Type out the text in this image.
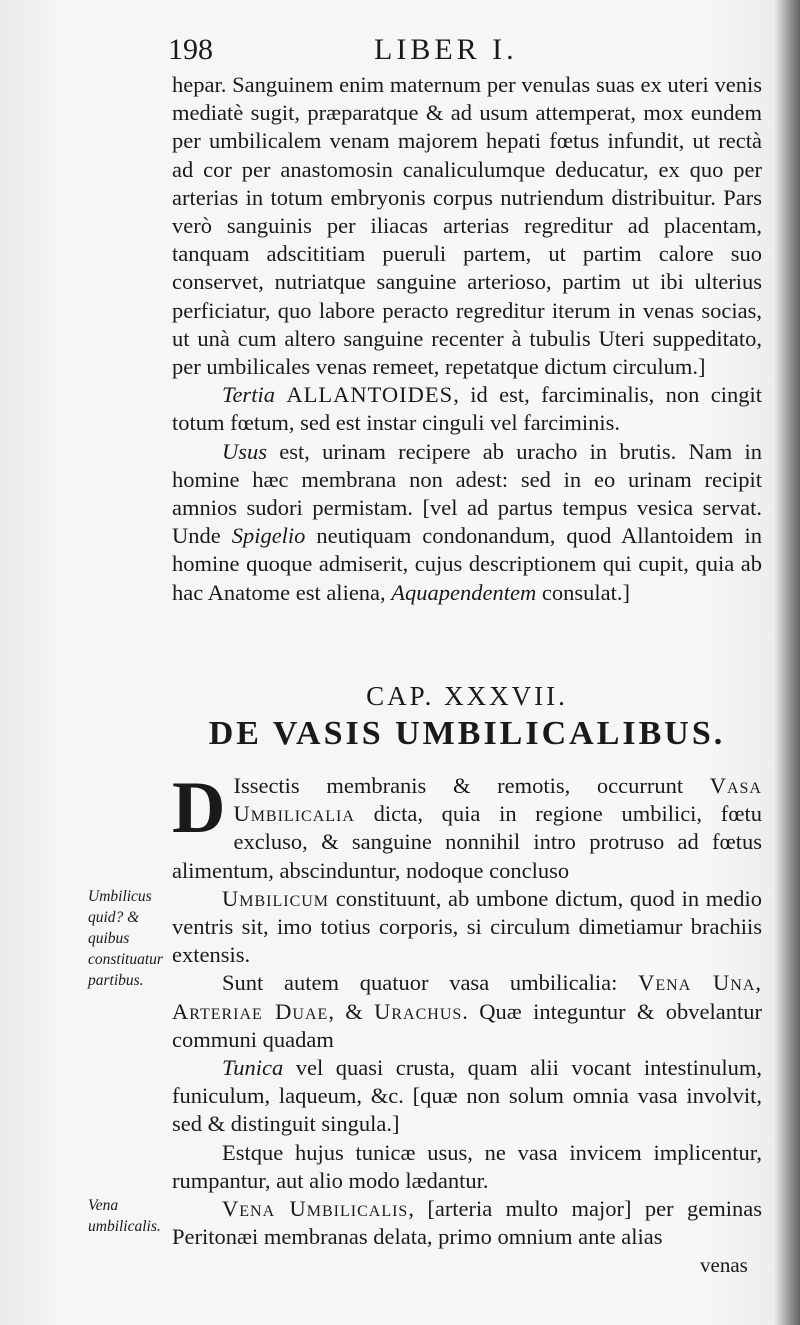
198	LIBER I.

hepar. Sanguinem enim maternum per venulas suas ex uteri venis mediatè sugit, præparatque & ad usum attemperat, mox eundem per umbilicalem venam majorem hepati fœtus infundit, ut rectà ad cor per anastomosin canaliculumque deducatur, ex quo per arterias in totum embryonis corpus nutriendum distribuitur. Pars verò sanguinis per iliacas arterias regreditur ad placentam, tanquam adscititiam pueruli partem, ut partim calore suo conservet, nutriatque sanguine arterioso, partim ut ibi ulterius perficiatur, quo labore peracto regreditur iterum in venas socias, ut unà cum altero sanguine recenter à tubulis Uteri suppeditato, per umbilicales venas remeet, repetatque dictum circulum.]

Tertia ALLANTOIDES, id est, farciminalis, non cingit totum fœtum, sed est instar cinguli vel farciminis.

Usus est, urinam recipere ab uracho in brutis. Nam in homine hæc membrana non adest: sed in eo urinam recipit amnios sudori permistam. [vel ad partus tempus vesica servat. Unde Spigelio neutiquam condonandum, quod Allantoidem in homine quoque admiserit, cujus descriptionem qui cupit, quia ab hac Anatome est aliena, Aquapendentem consulat.]

CAP. XXXVII.
DE VASIS UMBILICALIBUS.

D Issectis membranis & remotis, occurrunt Vasa Umbilicalia dicta, quia in regione umbilici, fœtu excluso, & sanguine nonnihil intro protruso ad fœtus alimentum, abscinduntur, nodoque concluso

Umbilicum constituunt, ab umbone dictum, quod in medio ventris sit, imo totius corporis, si circulum dimetiamur brachiis extensis.

Sunt autem quatuor vasa umbilicalia: Vena Una, Arteriae Duae, & Urachus. Quæ integuntur & obvelantur communi quadam

Tunica vel quasi crusta, quam alii vocant intestinulum, funiculum, laqueum, &c. [quæ non solum omnia vasa involvit, sed & distinguit singula.]

Estque hujus tunicæ usus, ne vasa invicem implicentur, rumpantur, aut alio modo lædantur.

Vena Umbilicalis, [arteria multo major] per geminas Peritonæi membranas delata, primo omnium ante alias

venas
Umbilicus quid? & quibus constituatur partibus.
Vena umbilicalis.
